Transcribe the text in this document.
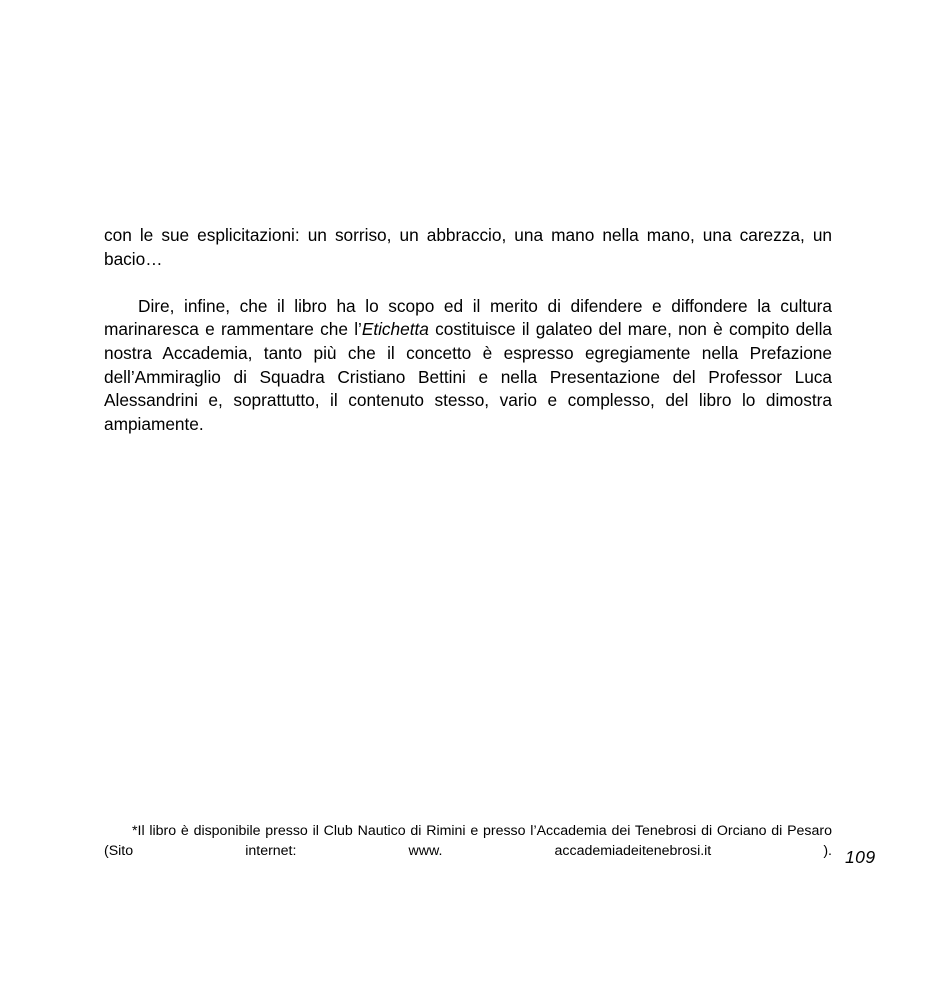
con le sue esplicitazioni: un sorriso, un abbraccio, una mano nella mano, una carezza, un bacio…

Dire, infine, che il libro ha lo scopo ed il merito di difendere e diffondere la cultura marinaresca e rammentare che l’Etichetta costituisce il galateo del mare, non è compito della nostra Accademia, tanto più che il concetto è espresso egregiamente nella Prefazione dell’Ammiraglio di Squadra Cristiano Bettini e nella Presentazione del Professor Luca Alessandrini e, soprattutto, il contenuto stesso, vario e complesso, del libro lo dimostra ampiamente.

*Il libro è disponibile presso il Club Nautico di Rimini e presso l’Accademia dei Tenebrosi di Orciano di Pesaro (Sito internet: www. accademiadeitenebrosi.it ). 109
